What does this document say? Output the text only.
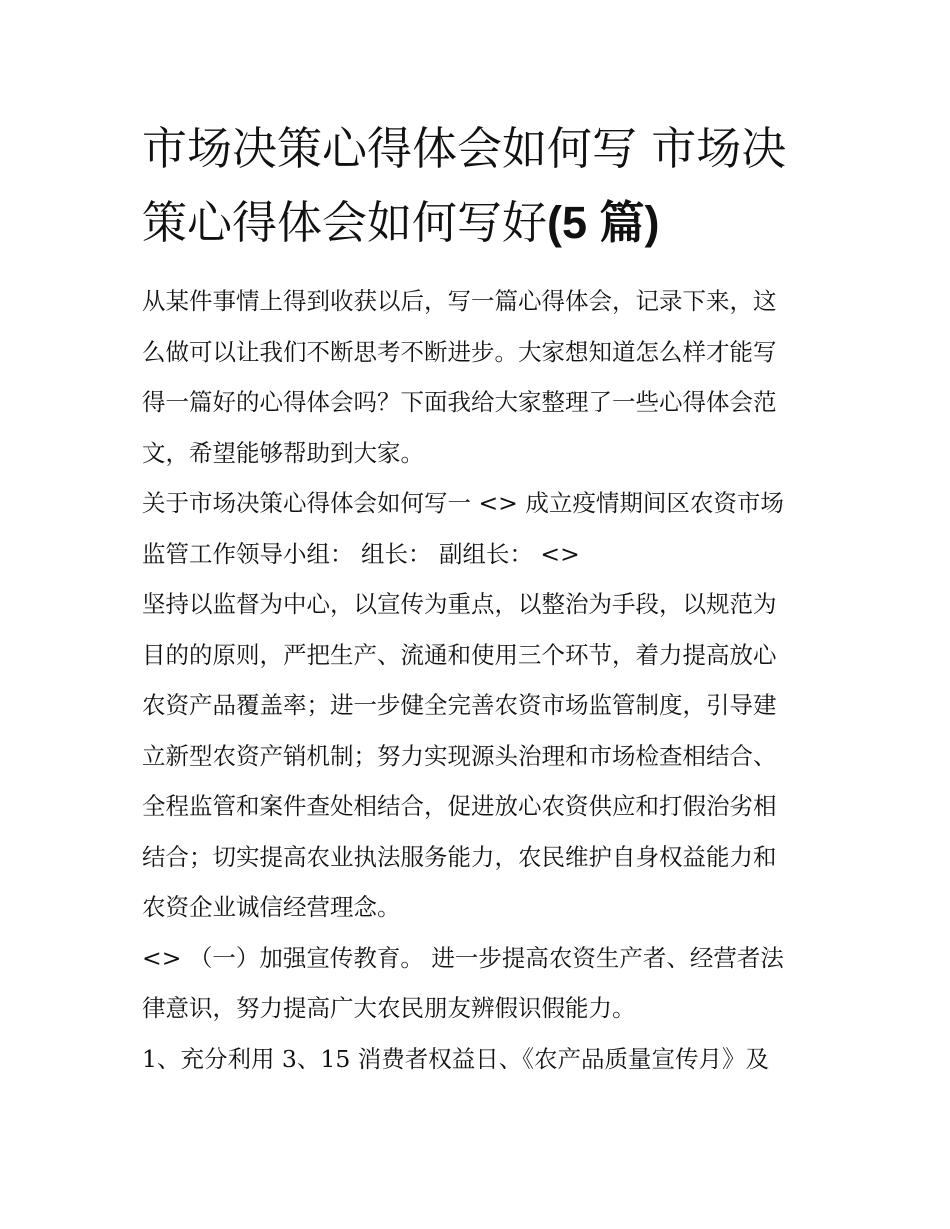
市场决策心得体会如何写 市场决策心得体会如何写好(5 篇)

从某件事情上得到收获以后，写一篇心得体会，记录下来，这
么做可以让我们不断思考不断进步。大家想知道怎么样才能写
得一篇好的心得体会吗？下面我给大家整理了一些心得体会范
文，希望能够帮助到大家。

关于市场决策心得体会如何写一 <> 成立疫情期间区农资市场
监管工作领导小组： 组长： 副组长： <>

坚持以监督为中心，以宣传为重点，以整治为手段，以规范为
目的的原则，严把生产、流通和使用三个环节，着力提高放心
农资产品覆盖率；进一步健全完善农资市场监管制度，引导建
立新型农资产销机制；努力实现源头治理和市场检查相结合、
全程监管和案件查处相结合，促进放心农资供应和打假治劣相
结合；切实提高农业执法服务能力，农民维护自身权益能力和
农资企业诚信经营理念。

<> （一）加强宣传教育。 进一步提高农资生产者、经营者法
律意识，努力提高广大农民朋友辨假识假能力。

1、充分利用 3、15 消费者权益日、《农产品质量宣传月》及
